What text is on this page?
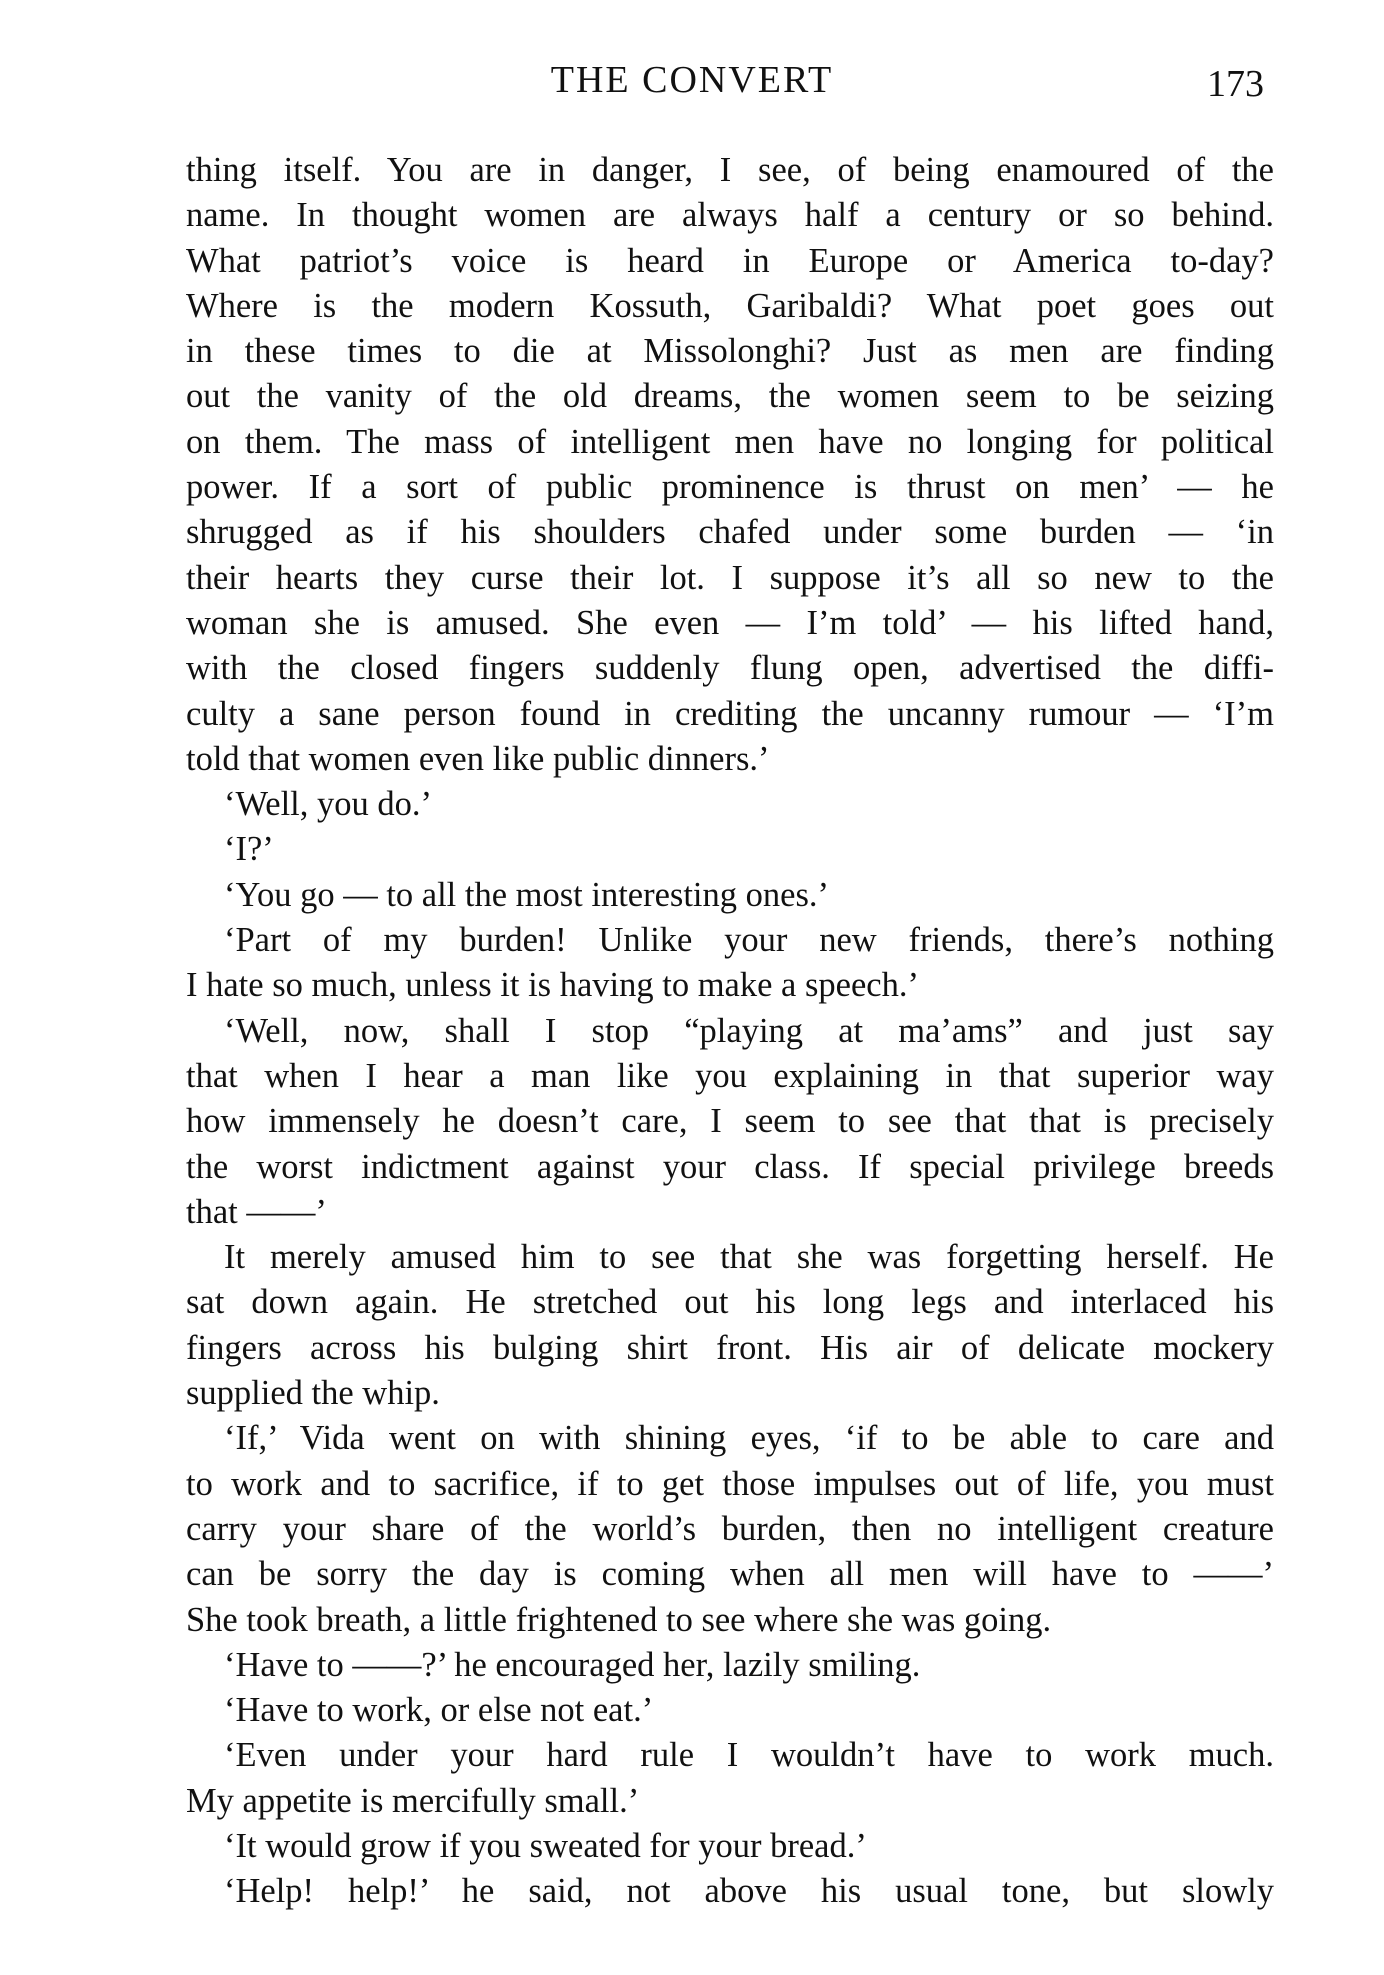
THE CONVERT	173
thing itself. You are in danger, I see, of being enamoured of the
name. In thought women are always half a century or so behind.
What patriot’s voice is heard in Europe or America to-day?
Where is the modern Kossuth, Garibaldi? What poet goes out
in these times to die at Missolonghi? Just as men are finding
out the vanity of the old dreams, the women seem to be seizing
on them. The mass of intelligent men have no longing for political
power. If a sort of public prominence is thrust on men’ — he
shrugged as if his shoulders chafed under some burden — ‘in
their hearts they curse their lot. I suppose it’s all so new to the
woman she is amused. She even — I’m told’ — his lifted hand,
with the closed fingers suddenly flung open, advertised the diffi-
culty a sane person found in crediting the uncanny rumour — ‘I’m
told that women even like public dinners.’
‘Well, you do.’
‘I?’
‘You go — to all the most interesting ones.’
‘Part of my burden! Unlike your new friends, there’s nothing
I hate so much, unless it is having to make a speech.’
‘Well, now, shall I stop “playing at ma’ams” and just say
that when I hear a man like you explaining in that superior way
how immensely he doesn’t care, I seem to see that that is precisely
the worst indictment against your class. If special privilege breeds
that ——’
It merely amused him to see that she was forgetting herself. He
sat down again. He stretched out his long legs and interlaced his
fingers across his bulging shirt front. His air of delicate mockery
supplied the whip.
‘If,’ Vida went on with shining eyes, ‘if to be able to care and
to work and to sacrifice, if to get those impulses out of life, you must
carry your share of the world’s burden, then no intelligent creature
can be sorry the day is coming when all men will have to ——’
She took breath, a little frightened to see where she was going.
‘Have to ——?’ he encouraged her, lazily smiling.
‘Have to work, or else not eat.’
‘Even under your hard rule I wouldn’t have to work much.
My appetite is mercifully small.’
‘It would grow if you sweated for your bread.’
‘Help! help!’ he said, not above his usual tone, but slowly
